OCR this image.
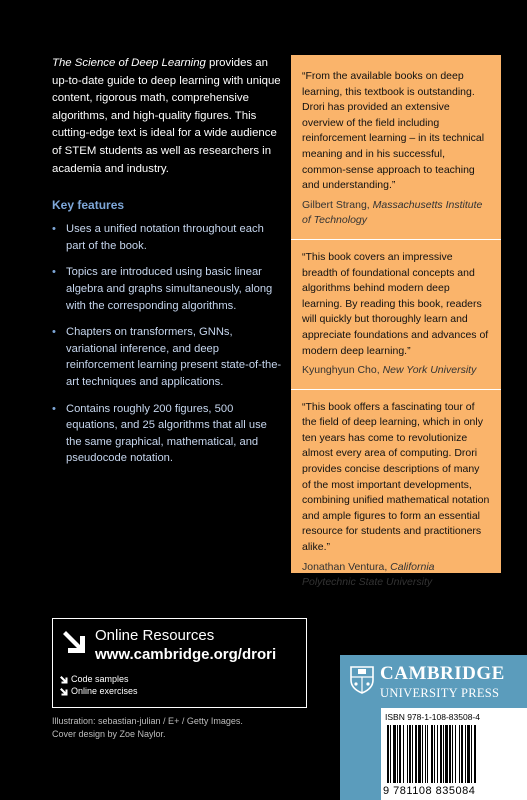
The Science of Deep Learning provides an up-to-date guide to deep learning with unique content, rigorous math, comprehensive algorithms, and high-quality figures. This cutting-edge text is ideal for a wide audience of STEM students as well as researchers in academia and industry.

Key features
• Uses a unified notation throughout each part of the book.
• Topics are introduced using basic linear algebra and graphs simultaneously, along with the corresponding algorithms.
• Chapters on transformers, GNNs, variational inference, and deep reinforcement learning present state-of-the-art techniques and applications.
• Contains roughly 200 figures, 500 equations, and 25 algorithms that all use the same graphical, mathematical, and pseudocode notation.

“From the available books on deep learning, this textbook is outstanding. Drori has provided an extensive overview of the field including reinforcement learning – in its technical meaning and in his successful, common-sense approach to teaching and understanding.”

Gilbert Strang, Massachusetts Institute of Technology

“This book covers an impressive breadth of foundational concepts and algorithms behind modern deep learning. By reading this book, readers will quickly but thoroughly learn and appreciate foundations and advances of modern deep learning.”

Kyunghyun Cho, New York University

“This book offers a fascinating tour of the field of deep learning, which in only ten years has come to revolutionize almost every area of computing. Drori provides concise descriptions of many of the most important developments, combining unified mathematical notation and ample figures to form an essential resource for students and practitioners alike.”

Jonathan Ventura, California Polytechnic State University

Online Resources
www.cambridge.org/drori
Code samples
Online exercises
Illustration: sebastian-julian / E+ / Getty Images.
Cover design by Zoe Naylor.
CAMBRIDGE
UNIVERSITY PRESS
ISBN 978-1-108-83508-4
9 781108 835084
